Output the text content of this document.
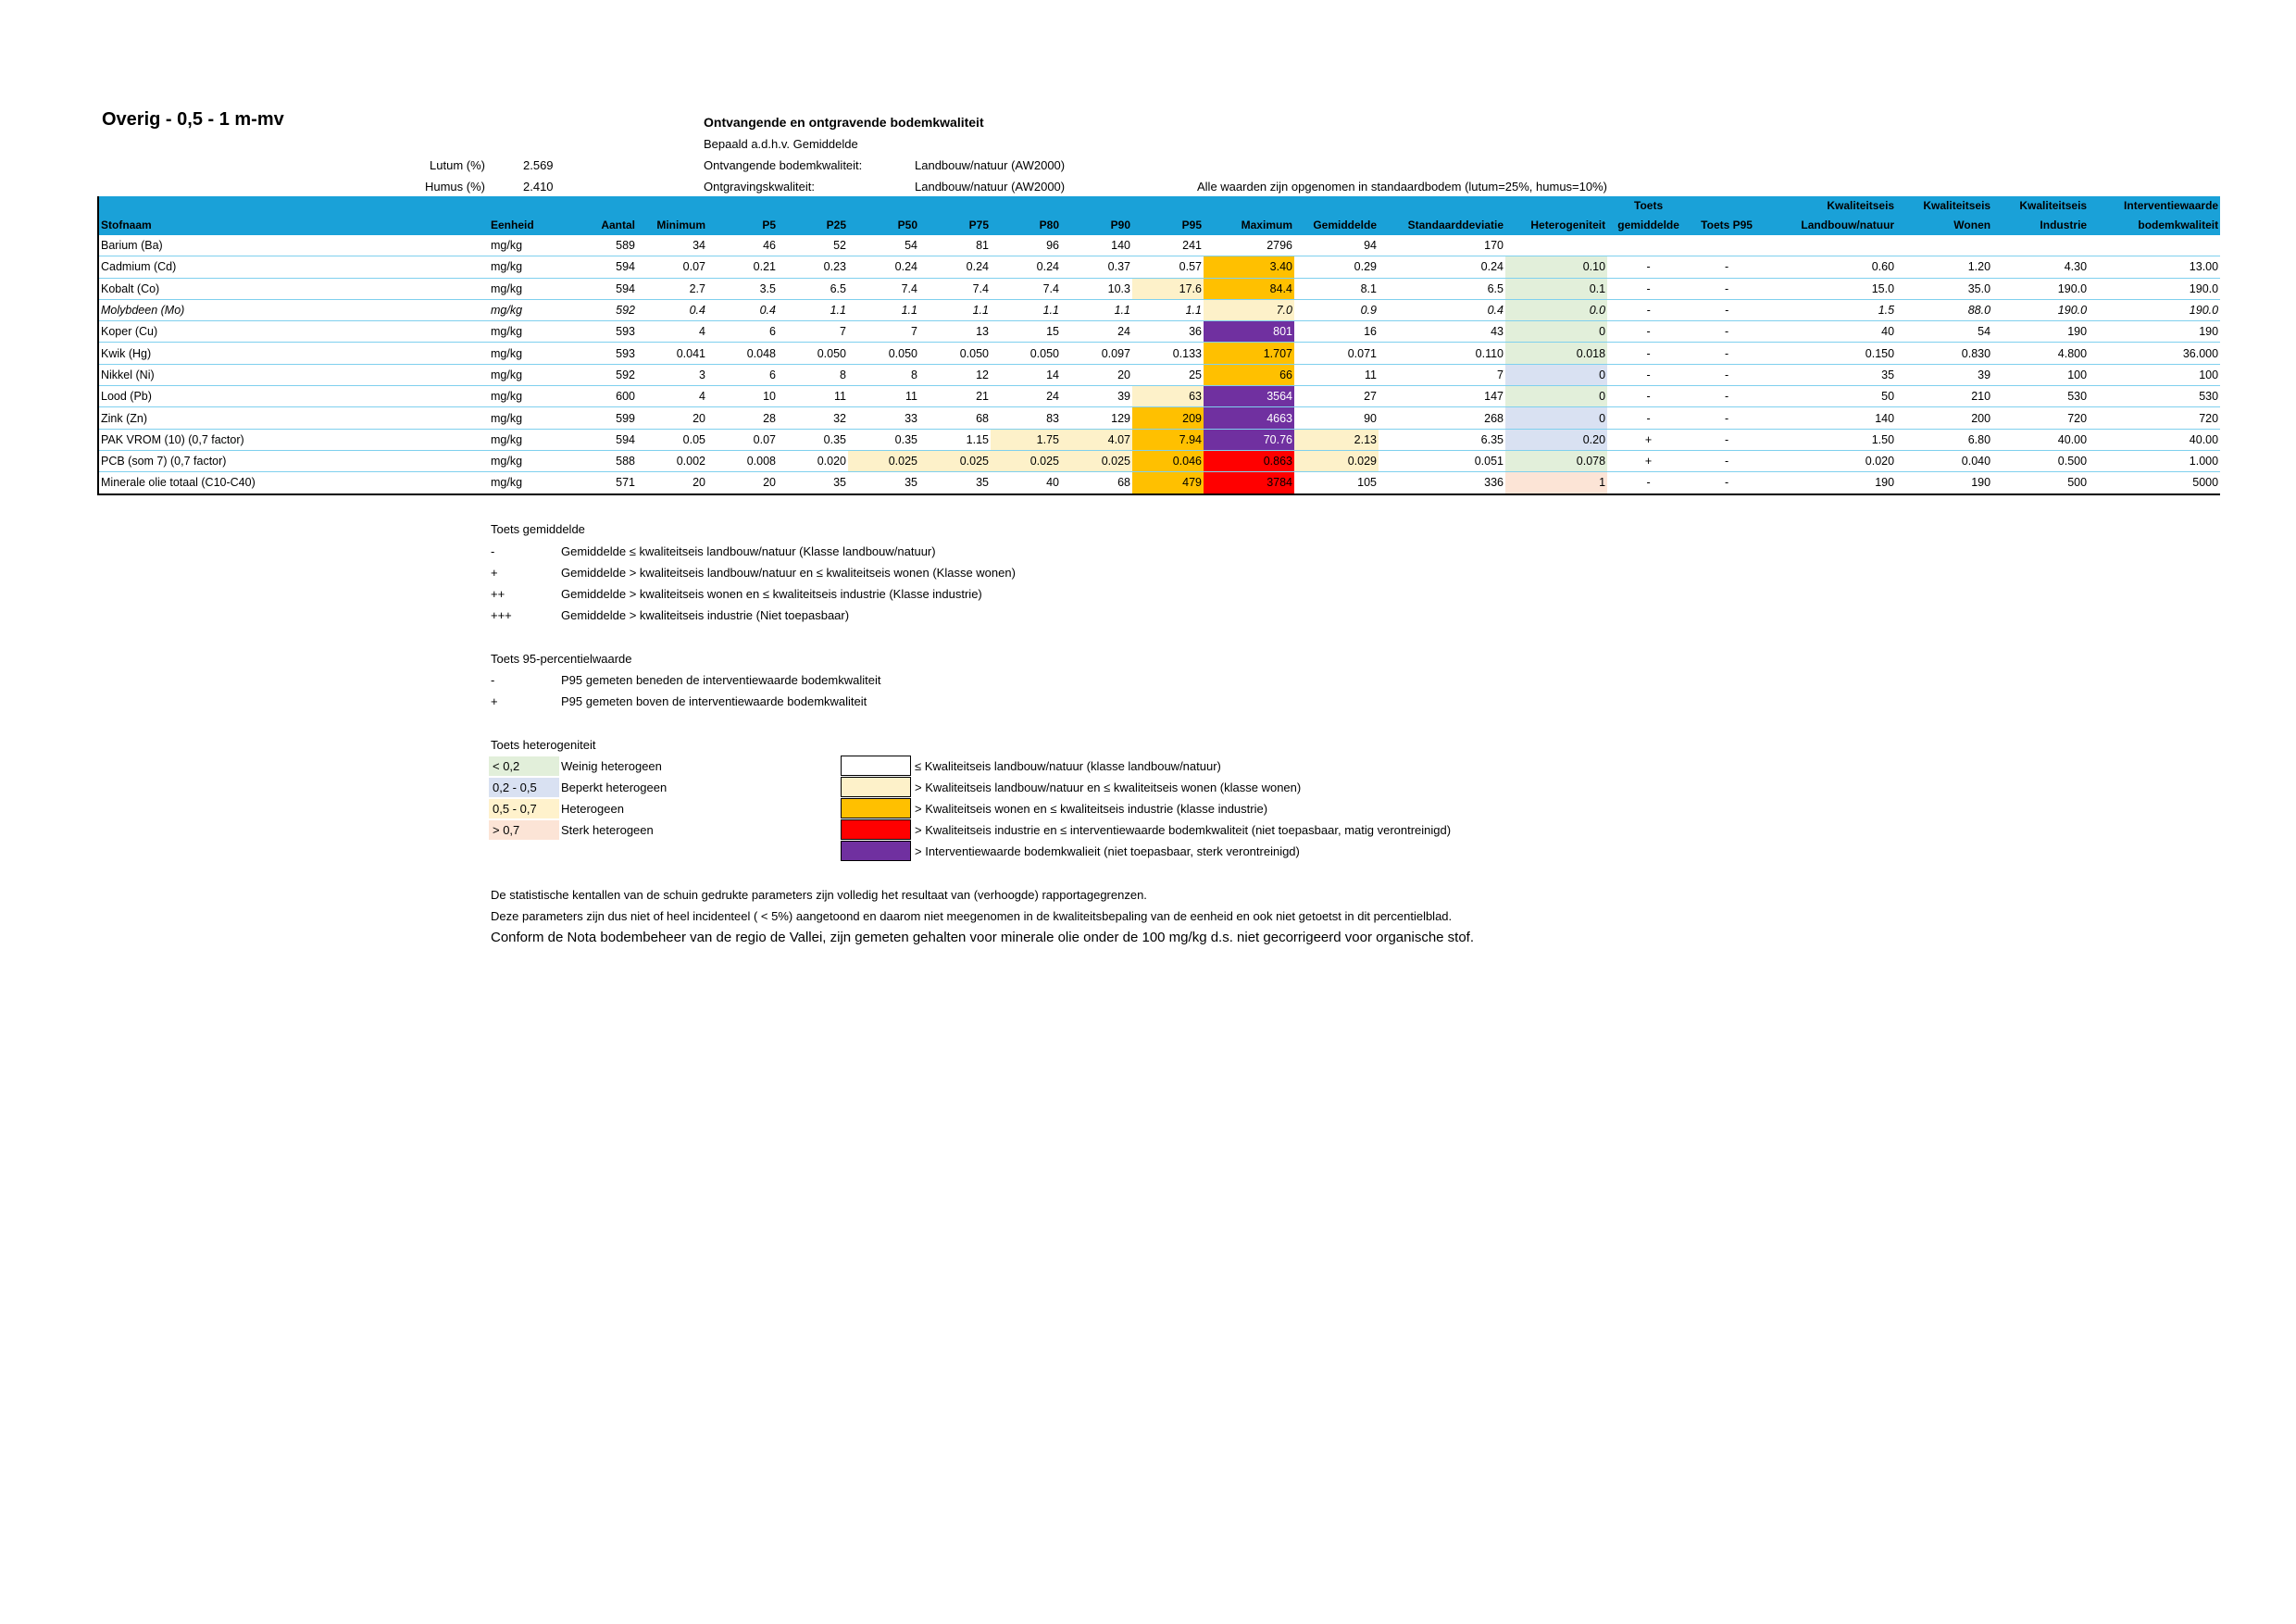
Overig - 0,5 - 1 m-mv	Ontvangende en ontgravende bodemkwaliteit
Bepaald a.d.h.v. Gemiddelde
Lutum (%)	2.569	Ontvangende bodemkwaliteit:	Landbouw/natuur (AW2000)
Humus (%)	2.410	Ontgravingskwaliteit:	Landbouw/natuur (AW2000)	Alle waarden zijn opgenomen in standaardbodem (lutum=25%, humus=10%)
															Toets		Kwaliteitseis	Kwaliteitseis	Kwaliteitseis	Interventiewaarde
Stofnaam	Eenheid	Aantal	Minimum	P5	P25	P50	P75	P80	P90	P95	Maximum	Gemiddelde	Standaarddeviatie	Heterogeniteit	gemiddelde	Toets P95	Landbouw/natuur	Wonen	Industrie	bodemkwaliteit
Barium (Ba)	mg/kg	589	34	46	52	54	81	96	140	241	2796	94	170							
Cadmium (Cd)	mg/kg	594	0.07	0.21	0.23	0.24	0.24	0.24	0.37	0.57	3.40	0.29	0.24	0.10	-	-	0.60	1.20	4.30	13.00
Kobalt (Co)	mg/kg	594	2.7	3.5	6.5	7.4	7.4	7.4	10.3	17.6	84.4	8.1	6.5	0.1	-	-	15.0	35.0	190.0	190.0
Molybdeen (Mo)	mg/kg	592	0.4	0.4	1.1	1.1	1.1	1.1	1.1	1.1	7.0	0.9	0.4	0.0	-	-	1.5	88.0	190.0	190.0
Koper (Cu)	mg/kg	593	4	6	7	7	13	15	24	36	801	16	43	0	-	-	40	54	190	190
Kwik (Hg)	mg/kg	593	0.041	0.048	0.050	0.050	0.050	0.050	0.097	0.133	1.707	0.071	0.110	0.018	-	-	0.150	0.830	4.800	36.000
Nikkel (Ni)	mg/kg	592	3	6	8	8	12	14	20	25	66	11	7	0	-	-	35	39	100	100
Lood (Pb)	mg/kg	600	4	10	11	11	21	24	39	63	3564	27	147	0	-	-	50	210	530	530
Zink (Zn)	mg/kg	599	20	28	32	33	68	83	129	209	4663	90	268	0	-	-	140	200	720	720
PAK VROM (10) (0,7 factor)	mg/kg	594	0.05	0.07	0.35	0.35	1.15	1.75	4.07	7.94	70.76	2.13	6.35	0.20	+	-	1.50	6.80	40.00	40.00
PCB (som 7) (0,7 factor)	mg/kg	588	0.002	0.008	0.020	0.025	0.025	0.025	0.025	0.046	0.863	0.029	0.051	0.078	+	-	0.020	0.040	0.500	1.000
Minerale olie totaal (C10-C40)	mg/kg	571	20	20	35	35	35	40	68	479	3784	105	336	1	-	-	190	190	500	5000
Toets gemiddelde
-	Gemiddelde ≤ kwaliteitseis landbouw/natuur (Klasse landbouw/natuur)
+	Gemiddelde > kwaliteitseis landbouw/natuur en ≤ kwaliteitseis wonen (Klasse wonen)
++	Gemiddelde > kwaliteitseis wonen en ≤ kwaliteitseis industrie (Klasse industrie)
+++	Gemiddelde > kwaliteitseis industrie (Niet toepasbaar)
Toets 95-percentielwaarde
-	P95 gemeten beneden de interventiewaarde bodemkwaliteit
+	P95 gemeten boven de interventiewaarde bodemkwaliteit
Toets heterogeniteit
< 0,2	Weinig heterogeen
0,2 - 0,5	Beperkt heterogeen
0,5 - 0,7	Heterogeen
> 0,7	Sterk heterogeen
≤ Kwaliteitseis landbouw/natuur (klasse landbouw/natuur)
> Kwaliteitseis landbouw/natuur en ≤ kwaliteitseis wonen (klasse wonen)
> Kwaliteitseis wonen en ≤ kwaliteitseis industrie (klasse industrie)
> Kwaliteitseis industrie en ≤ interventiewaarde bodemkwaliteit (niet toepasbaar, matig verontreinigd)
> Interventiewaarde bodemkwalieit (niet toepasbaar, sterk verontreinigd)
De statistische kentallen van de schuin gedrukte parameters zijn volledig het resultaat van (verhoogde) rapportagegrenzen.
Deze parameters zijn dus niet of heel incidenteel ( < 5%) aangetoond en daarom niet meegenomen in de kwaliteitsbepaling van de eenheid en ook niet getoetst in dit percentielblad.
Conform de Nota bodembeheer van de regio de Vallei, zijn gemeten gehalten voor minerale olie onder de 100 mg/kg d.s. niet gecorrigeerd voor organische stof.
